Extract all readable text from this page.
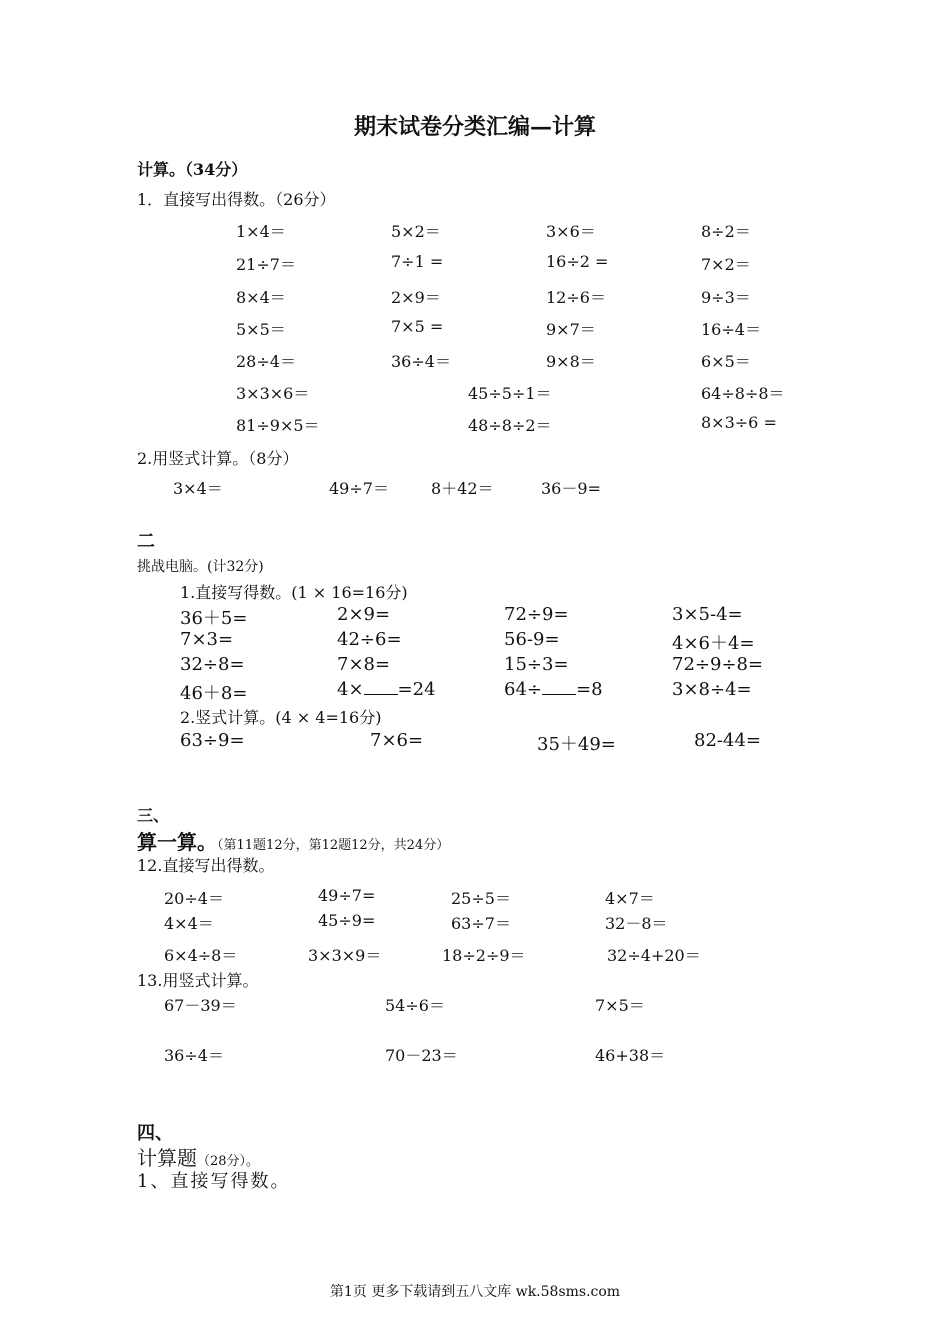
期末试卷分类汇编—计算
计算。（34分）
1．直接写出得数。（26分）
1×4＝	5×2＝	3×6＝	8÷2＝
21÷7＝	7÷1 =	16÷2 =	7×2＝
8×4＝	2×9＝	12÷6＝	9÷3＝
5×5＝	7×5 =	9×7＝	16÷4＝
28÷4＝	36÷4＝	9×8＝	6×5＝
3×3×6＝	45÷5÷1＝	64÷8÷8＝
81÷9×5＝	48÷8÷2＝	8×3÷6 =
2.用竖式计算。（8分）
3×4＝	49÷7＝	8＋42＝	36－9=
二
挑战电脑。(计32分)
1.直接写得数。(1 × 16=16分)
36＋5=	2×9=	72÷9=	3×5-4=
7×3=	42÷6=	56-9=	4×6＋4=
32÷8=	7×8=	15÷3=	72÷9÷8=
46＋8=	4× =24	64÷ =8	3×8÷4=
2.竖式计算。(4 × 4=16分)
63÷9=	7×6=	35＋49=	82-44=
三、
算一算。（第11题12分，第12题12分，共24分）
12.直接写出得数。
20÷4＝	49÷7=	25÷5＝	4×7＝
4×4＝	45÷9=	63÷7＝	32－8＝
6×4÷8＝	3×3×9＝	18÷2÷9＝	32÷4+20＝
13.用竖式计算。
67－39＝	54÷6＝	7×5＝
36÷4＝	70－23＝	46+38＝
四、
计算题（28分）。
1、直接写得数。
第1页 更多下载请到五八文库 wk.58sms.com
